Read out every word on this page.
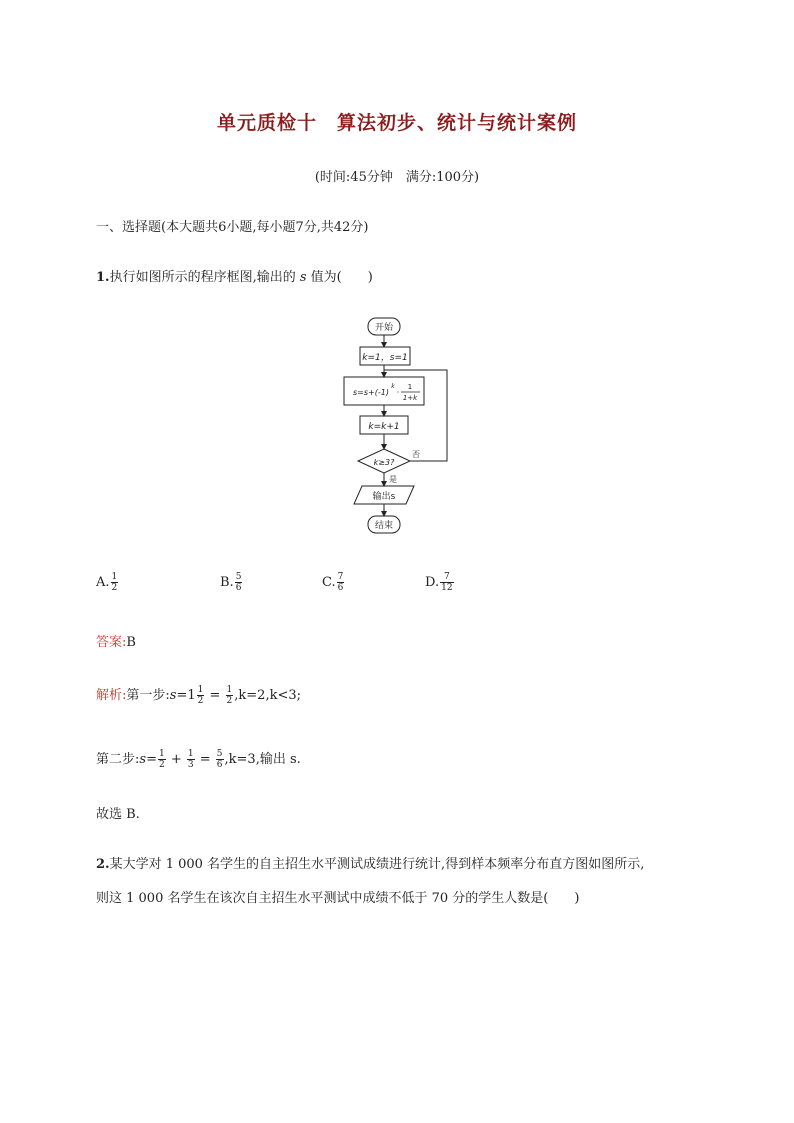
单元质检十　算法初步、统计与统计案例
(时间:45分钟　满分:100分)
一、选择题(本大题共6小题,每小题7分,共42分)
1.执行如图所示的程序框图,输出的 s 值为(　　)
开始
k=1，s=1
s=s+(-1)
k
·
1
1+k
k=k+1
k≥3?
否
是
输出s
结束
A. $\frac{1}{2}$	B. $\frac{5}{6}$	C. $\frac{7}{6}$	D. $\frac{7}{12}$
答案:B
解析:第一步:s=1 $\frac{1}{2} = \frac{1}{2} ,k=2,k<3$;
第二步:s= $\frac{1}{2} + \frac{1}{3} = \frac{5}{6} ,k=3$,输出 s.
故选 B.
2.某大学对 1 000 名学生的自主招生水平测试成绩进行统计,得到样本频率分布直方图如图所示,
则这 1 000 名学生在该次自主招生水平测试中成绩不低于 70 分的学生人数是(　　)
